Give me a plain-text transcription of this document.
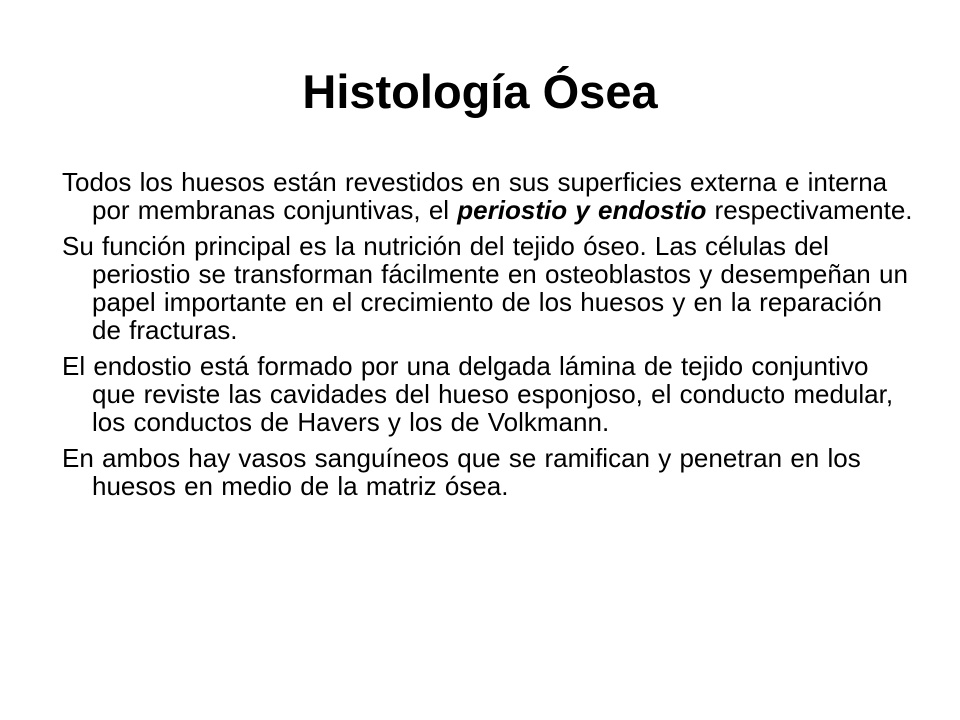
Histología Ósea
Todos los huesos están revestidos en sus superficies externa e interna por membranas conjuntivas, el periostio y endostio respectivamente.
Su función principal es la nutrición del tejido óseo. Las células del periostio se transforman fácilmente en osteoblastos y desempeñan un papel importante en el crecimiento de los huesos y en la reparación de fracturas.
El endostio está formado por una delgada lámina de tejido conjuntivo que reviste las cavidades del hueso esponjoso, el conducto medular, los conductos de Havers y los de Volkmann.
En ambos hay vasos sanguíneos que se ramifican y penetran en los huesos en medio de la matriz ósea.
